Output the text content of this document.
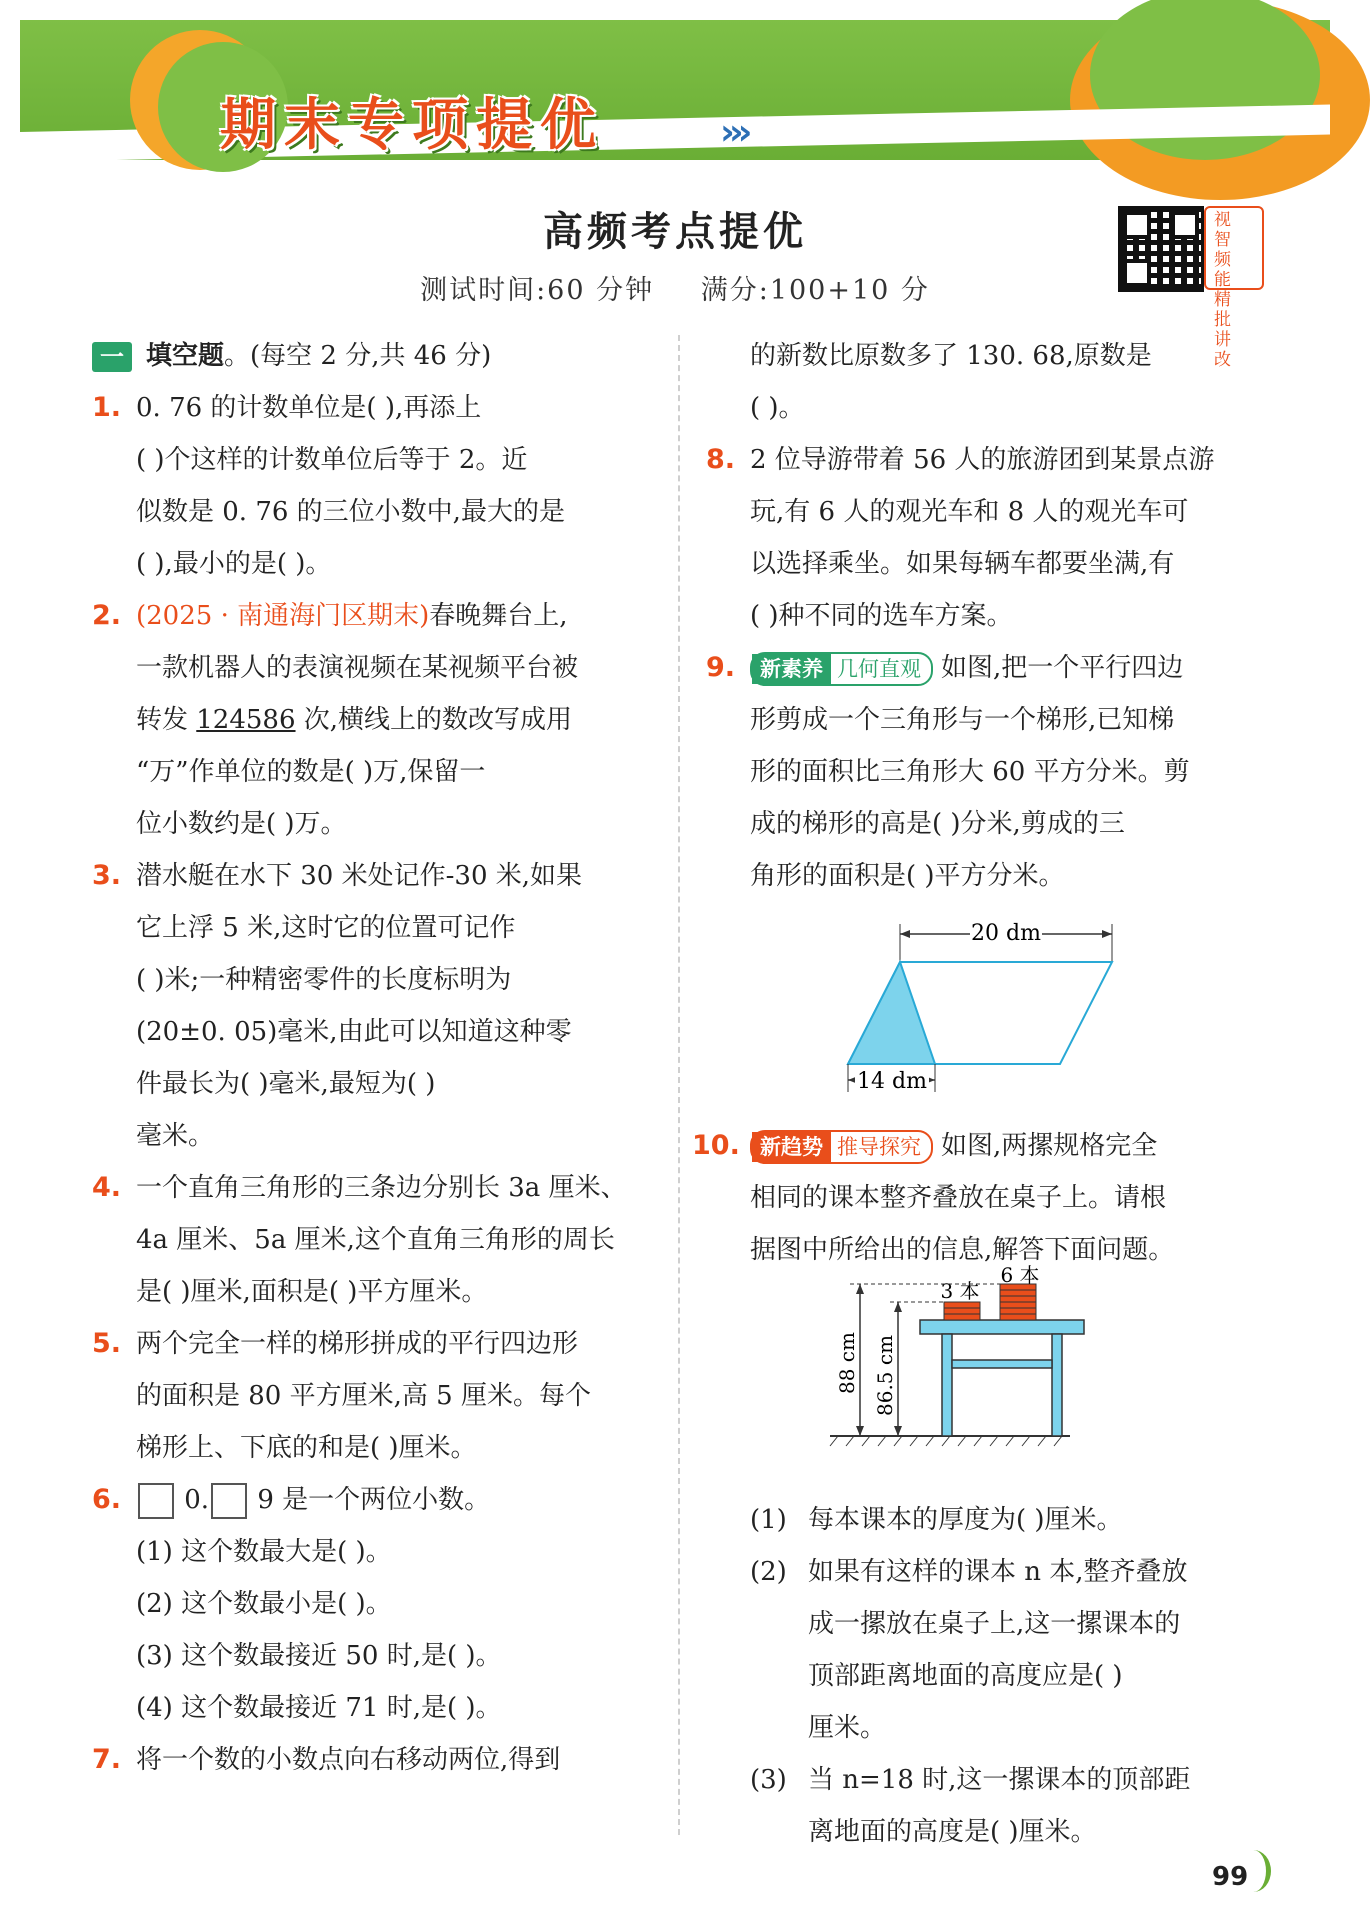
期末专项提优	›››
高频考点提优
测试时间:60 分钟 满分:100+10 分
视
智
频
能
精
批
讲
改
一 填空题。(每空 2 分,共 46 分)
1. 0. 76 的计数单位是( ),再添上
( )个这样的计数单位后等于 2。近
似数是 0. 76 的三位小数中,最大的是
( ),最小的是( )。
2. (2025 · 南通海门区期末)春晚舞台上,
一款机器人的表演视频在某视频平台被
转发 124586 次,横线上的数改写成用
“万”作单位的数是( )万,保留一
位小数约是( )万。
3. 潜水艇在水下 30 米处记作-30 米,如果
它上浮 5 米,这时它的位置可记作
( )米;一种精密零件的长度标明为
(20±0. 05)毫米,由此可以知道这种零
件最长为( )毫米,最短为( )
毫米。
4. 一个直角三角形的三条边分别长 3a 厘米、
4a 厘米、5a 厘米,这个直角三角形的周长
是( )厘米,面积是( )平方厘米。
5. 两个完全一样的梯形拼成的平行四边形
的面积是 80 平方厘米,高 5 厘米。每个
梯形上、下底的和是( )厘米。
6.	0. 9 是一个两位小数。
(1) 这个数最大是( )。
(2) 这个数最小是( )。
(3) 这个数最接近 50 时,是( )。
(4) 这个数最接近 71 时,是( )。
7. 将一个数的小数点向右移动两位,得到
的新数比原数多了 130. 68,原数是
( )。
8. 2 位导游带着 56 人的旅游团到某景点游
玩,有 6 人的观光车和 8 人的观光车可
以选择乘坐。如果每辆车都要坐满,有
( )种不同的选车方案。
9.	新素养 几何直观 如图,把一个平行四边
形剪成一个三角形与一个梯形,已知梯
形的面积比三角形大 60 平方分米。剪
成的梯形的高是( )分米,剪成的三
角形的面积是( )平方分米。
20 dm
14 dm
10. 新趋势 推导探究 如图,两摞规格完全
相同的课本整齐叠放在桌子上。请根
据图中所给出的信息,解答下面问题。
3 本
6 本
88 cm 86.5 cm
(1) 每本课本的厚度为( )厘米。
(2) 如果有这样的课本 n 本,整齐叠放
成一摞放在桌子上,这一摞课本的
顶部距离地面的高度应是( )
厘米。
(3) 当 n=18 时,这一摞课本的顶部距
离地面的高度是( )厘米。
99
